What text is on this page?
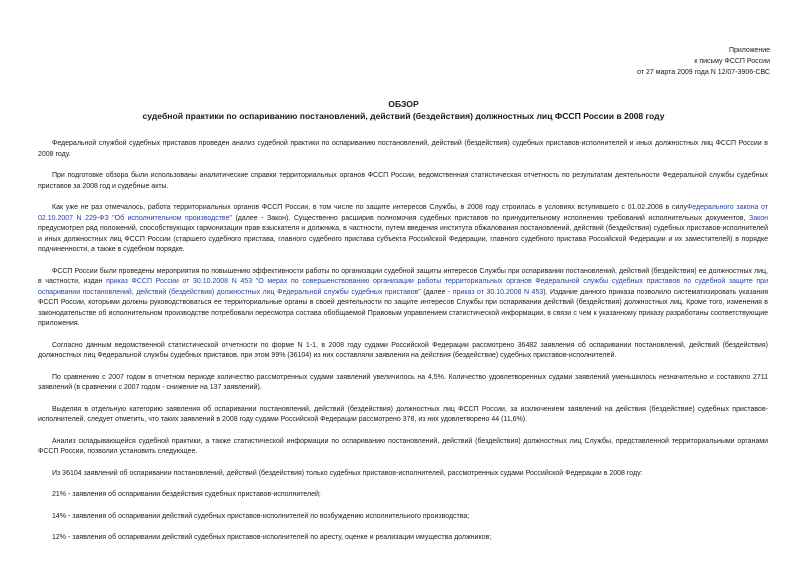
Приложение
к письму ФССП России
от 27 марта 2009 года N 12/07-3906-СВС
ОБЗОР
судебной практики по оспариванию постановлений, действий (бездействия) должностных лиц ФССП России в 2008 году

Федеральной службой судебных приставов проведен анализ судебной практики по оспариванию постановлений, действий (бездействия) судебных приставов-исполнителей и иных должностных лиц ФССП России в 2008 году.

При подготовке обзора были использованы аналитические справки территориальных органов ФССП России, ведомственная статистическая отчетность по результатам деятельности Федеральной службы судебных приставов за 2008 год и судебные акты.

Как уже не раз отмечалось, работа территориальных органов ФССП России, в том числе по защите интересов Службы, в 2008 году строилась в условиях вступившего с 01.02.2008 в силуФедерального закона от 02.10.2007 N 229-ФЗ "Об исполнительном производстве" (далее - Закон). Существенно расширив полномочия судебных приставов по принудительному исполнению требований исполнительных документов, Закон предусмотрел ряд положений, способствующих гармонизации прав взыскателя и должника, в частности, путем введения института обжалования постановлений, действий (бездействия) судебных приставов-исполнителей и иных должностных лиц ФССП России (старшего судебного пристава, главного судебного пристава субъекта Российской Федерации, главного судебного пристава Российской Федерации и их заместителей) в порядке подчиненности, а также в судебном порядке.

ФССП России были проведены мероприятия по повышению эффективности работы по организации судебной защиты интересов Службы при оспаривании постановлений, действий (бездействия) ее должностных лиц, в частности, издан приказ ФССП России от 30.10.2008 N 453 "О мерах по совершенствованию организации работы территориальных органов Федеральной службы судебных приставов по судебной защите при оспаривании постановлений, действий (бездействия) должностных лиц Федеральной службы судебных приставов" (далее - приказ от 30.10.2008 N 453). Издание данного приказа позволило систематизировать указания ФССП России, которыми должны руководствоваться ее территориальные органы в своей деятельности по защите интересов Службы при оспаривании действий (бездействия) должностных лиц. Кроме того, изменения в законодательстве об исполнительном производстве потребовали пересмотра состава обобщаемой Правовым управлением статистической информации, в связи с чем к указанному приказу разработаны соответствующие приложения.

Согласно данным ведомственной статистической отчетности по форме N 1-1, в 2008 году судами Российской Федерации рассмотрено 36482 заявления об оспаривании постановлений, действий (бездействия) должностных лиц Федеральной службы судебных приставов, при этом 99% (36104) из них составляли заявления на действия (бездействие) судебных приставов-исполнителей.

По сравнению с 2007 годом в отчетном периоде количество рассмотренных судами заявлений увеличилось на 4,5%. Количество удовлетворенных судами заявлений уменьшилось незначительно и составило 2711 заявлений (в сравнении с 2007 годом - снижение на 137 заявлений).

Выделяя в отдельную категорию заявления об оспаривании постановлений, действий (бездействия) должностных лиц ФССП России, за исключением заявлений на действия (бездействие) судебных приставов-исполнителей, следует отметить, что таких заявлений в 2008 году судами Российской Федерации рассмотрено 378, из них удовлетворено 44 (11,6%).

Анализ складывающейся судебной практики, а также статистической информации по оспариванию постановлений, действий (бездействия) должностных лиц Службы, представленной территориальными органами ФССП России, позволил установить следующее.

Из 36104 заявлений об оспаривании постановлений, действий (бездействия) только судебных приставов-исполнителей, рассмотренных судами Российской Федерации в 2008 году:

21% - заявления об оспаривании бездействия судебных приставов-исполнителей;

14% - заявления об оспаривании действий судебных приставов-исполнителей по возбуждению исполнительного производства;

12% - заявления об оспаривании действий судебных приставов-исполнителей по аресту, оценке и реализации имущества должников;
